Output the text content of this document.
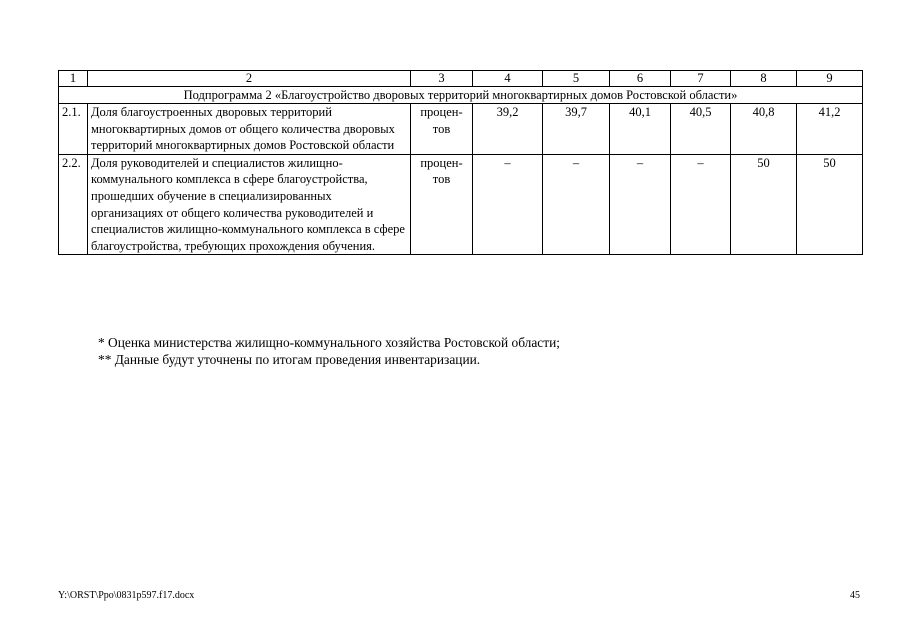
1	2	3	4	5	6	7	8	9
Подпрограмма 2 «Благоустройство дворовых территорий многоквартирных домов Ростовской области»								
2.1.	Доля благоустроенных дворовых территорий многоквартирных домов от общего количества дворовых территорий многоквартирных домов Ростовской области	процен-тов	39,2	39,7	40,1	40,5	40,8	41,2
2.2.	Доля руководителей и специалистов жилищно-коммунального комплекса в сфере благоустройства, прошедших обучение в специализированных организациях от общего количества руководителей и специалистов жилищно-коммунального комплекса в сфере благоустройства, требующих прохождения обучения.	процен-тов	–	–	–	–	50	50
* Оценка министерства жилищно-коммунального хозяйства Ростовской области;
** Данные будут уточнены по итогам проведения инвентаризации.
Y:\ORST\Ppo\0831p597.f17.docx	45
